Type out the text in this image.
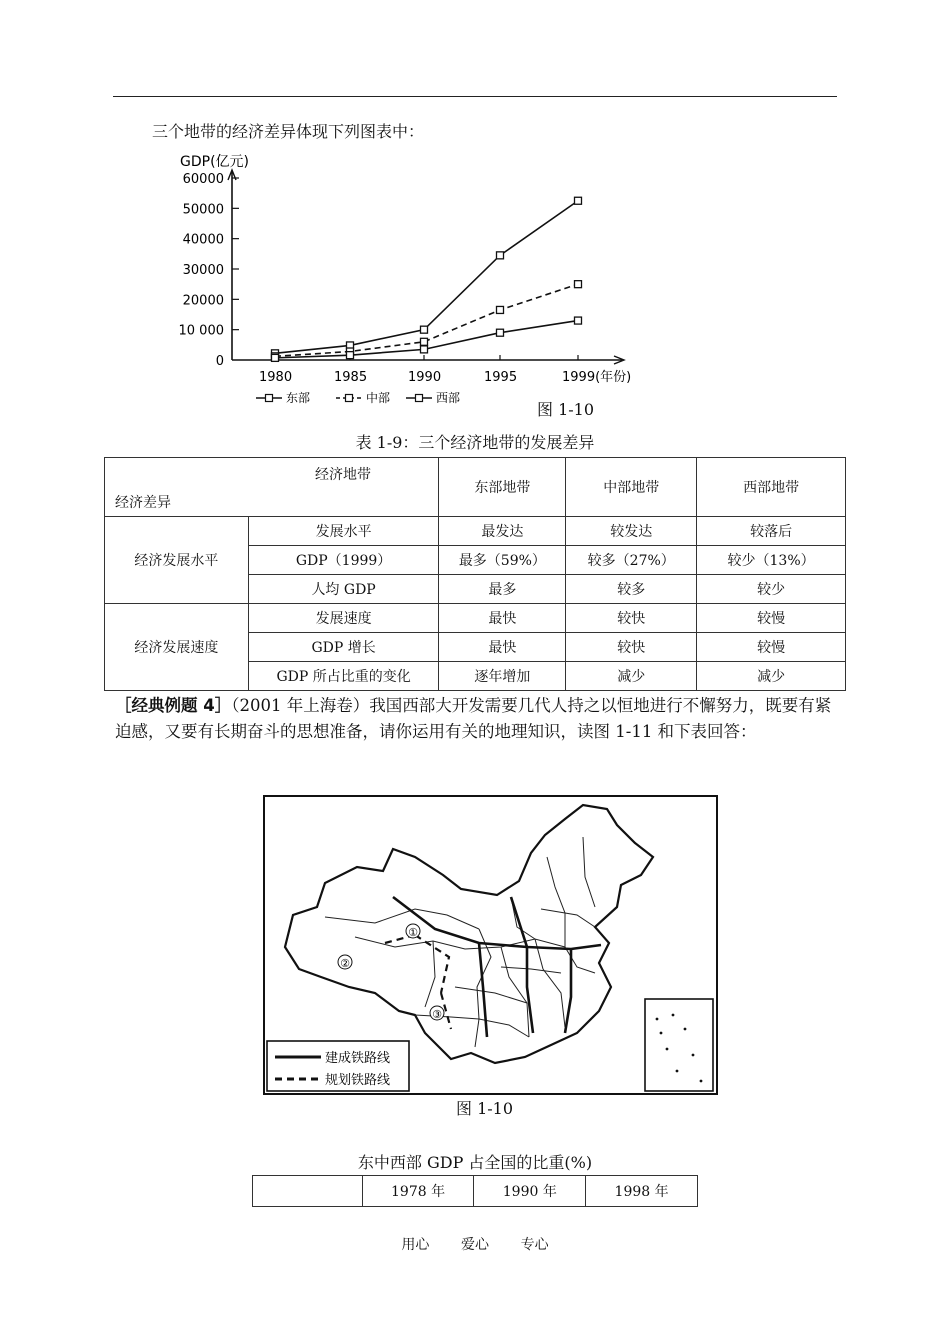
三个地带的经济差异体现下列图表中：
GDP(亿元)
0
10 000
20000
30000
40000
50000
60000
1980	1985	1990	1995	1999(年份)
东部	中部	西部
图 1-10
表 1-9：三个经济地带的发展差异
经济地带
经济差异		东部地带	中部地带	西部地带
经济发展水平	发展水平	最发达	较发达	较落后
	GDP（1999）	最多（59%）	较多（27%）	较少（13%）
	人均 GDP	最多	较多	较少
经济发展速度	发展速度	最快	较快	较慢
	GDP 增长	最快	较快	较慢
	GDP 所占比重的变化	逐年增加	减少	减少
［经典例题 4］（2001 年上海卷）我国西部大开发需要几代人持之以恒地进行不懈努力，既要有紧迫感，又要有长期奋斗的思想准备，请你运用有关的地理知识，读图 1-11 和下表回答：
①
②
③
建成铁路线
规划铁路线
图 1-10
东中西部 GDP 占全国的比重(%)
	1978 年	1990 年	1998 年
用心 爱心 专心
